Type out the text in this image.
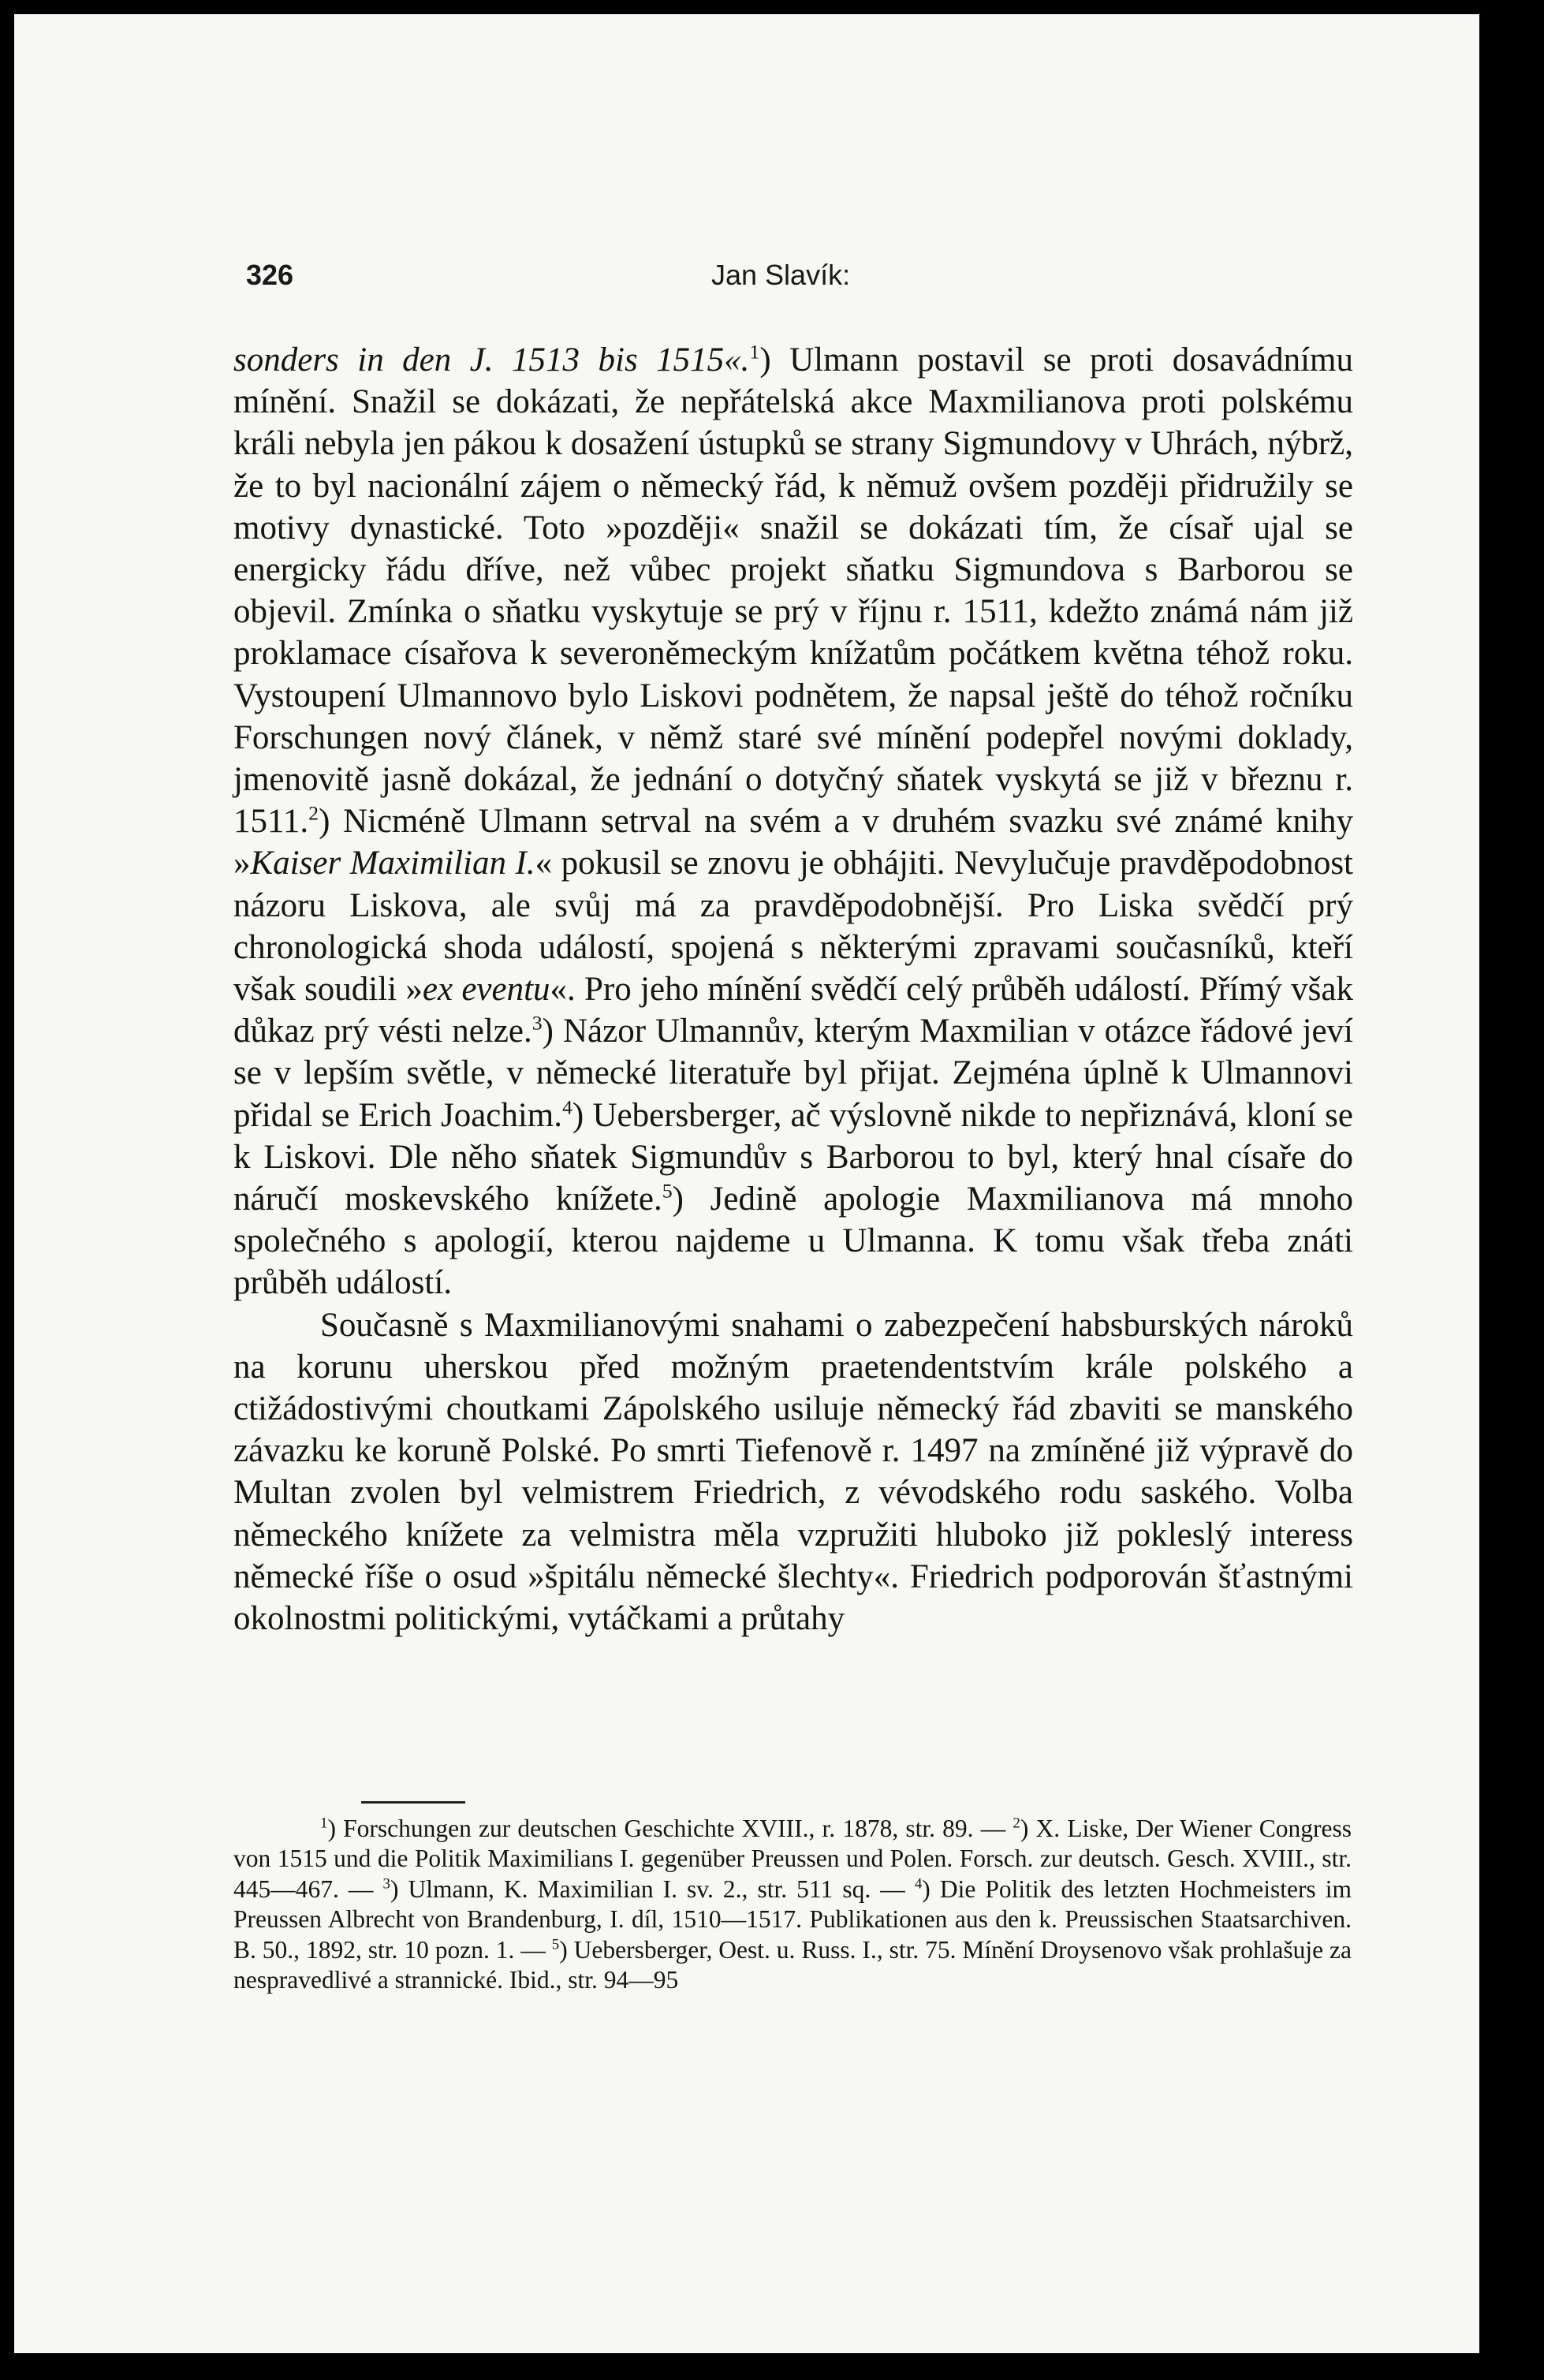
326	Jan Slavík:

sonders in den J. 1513 bis 1515«.$^1$) Ulmann postavil se proti dosavádnímu mínění. Snažil se dokázati, že nepřátelská akce Maxmilianova proti polskému králi nebyla jen pákou k dosažení ústupků se strany Sigmundovy v Uhrách, nýbrž, že to byl nacionální zájem o německý řád, k němuž ovšem později přidružily se motivy dynastické. Toto »později« snažil se dokázati tím, že císař ujal se energicky řádu dříve, než vůbec projekt sňatku Sigmundova s Barborou se objevil. Zmínka o sňatku vyskytuje se prý v říjnu r. 1511, kdežto známá nám již proklamace císařova k severoněmeckým knížatům počátkem května téhož roku. Vystoupení Ulmannovo bylo Liskovi podnětem, že napsal ještě do téhož ročníku Forschungen nový článek, v němž staré své mínění podepřel novými doklady, jmenovitě jasně dokázal, že jednání o dotyčný sňatek vyskytá se již v březnu r. 1511.$^2$) Nicméně Ulmann setrval na svém a v druhém svazku své známé knihy »Kaiser Maximilian I.« pokusil se znovu je obhájiti. Nevylučuje pravděpodobnost názoru Liskova, ale svůj má za pravděpodobnější. Pro Liska svědčí prý chronologická shoda událostí, spojená s některými zpravami současníků, kteří však soudili »ex eventu«. Pro jeho mínění svědčí celý průběh událostí. Přímý však důkaz prý vésti nelze.$^3$) Názor Ulmannův, kterým Maxmilian v otázce řádové jeví se v lepším světle, v německé literatuře byl přijat. Zejména úplně k Ulmannovi přidal se Erich Joachim.$^4$) Uebersberger, ač výslovně nikde to nepřiznává, kloní se k Liskovi. Dle něho sňatek Sigmundův s Barborou to byl, který hnal císaře do náručí moskevského knížete.$^5$) Jedině apologie Maxmilianova má mnoho společného s apologií, kterou najdeme u Ulmanna. K tomu však třeba znáti průběh událostí.

Současně s Maxmilianovými snahami o zabezpečení habsburských nároků na korunu uherskou před možným praetendentstvím krále polského a ctižádostivými choutkami Zápolského usiluje německý řád zbaviti se manského závazku ke koruně Polské. Po smrti Tiefenově r. 1497 na zmíněné již výpravě do Multan zvolen byl velmistrem Friedrich, z vévodského rodu saského. Volba německého knížete za velmistra měla vzpružiti hluboko již pokleslý interess německé říše o osud »špitálu německé šlechty«. Friedrich podporován šťastnými okolnostmi politickými, vytáčkami a průtahy

$^1$) Forschungen zur deutschen Geschichte XVIII., r. 1878, str. 89. — $^2$) X. Liske, Der Wiener Congress von 1515 und die Politik Maximilians I. gegenüber Preussen und Polen. Forsch. zur deutsch. Gesch. XVIII., str. 445—467. — $^3$) Ulmann, K. Maximilian I. sv. 2., str. 511 sq. — $^4$) Die Politik des letzten Hochmeisters im Preussen Albrecht von Brandenburg, I. díl, 1510—1517. Publikationen aus den k. Preussischen Staatsarchiven. B. 50., 1892, str. 10 pozn. 1. — $^5$) Uebersberger, Oest. u. Russ. I., str. 75. Mínění Droysenovo však prohlašuje za nespravedlivé a strannické. Ibid., str. 94—95
